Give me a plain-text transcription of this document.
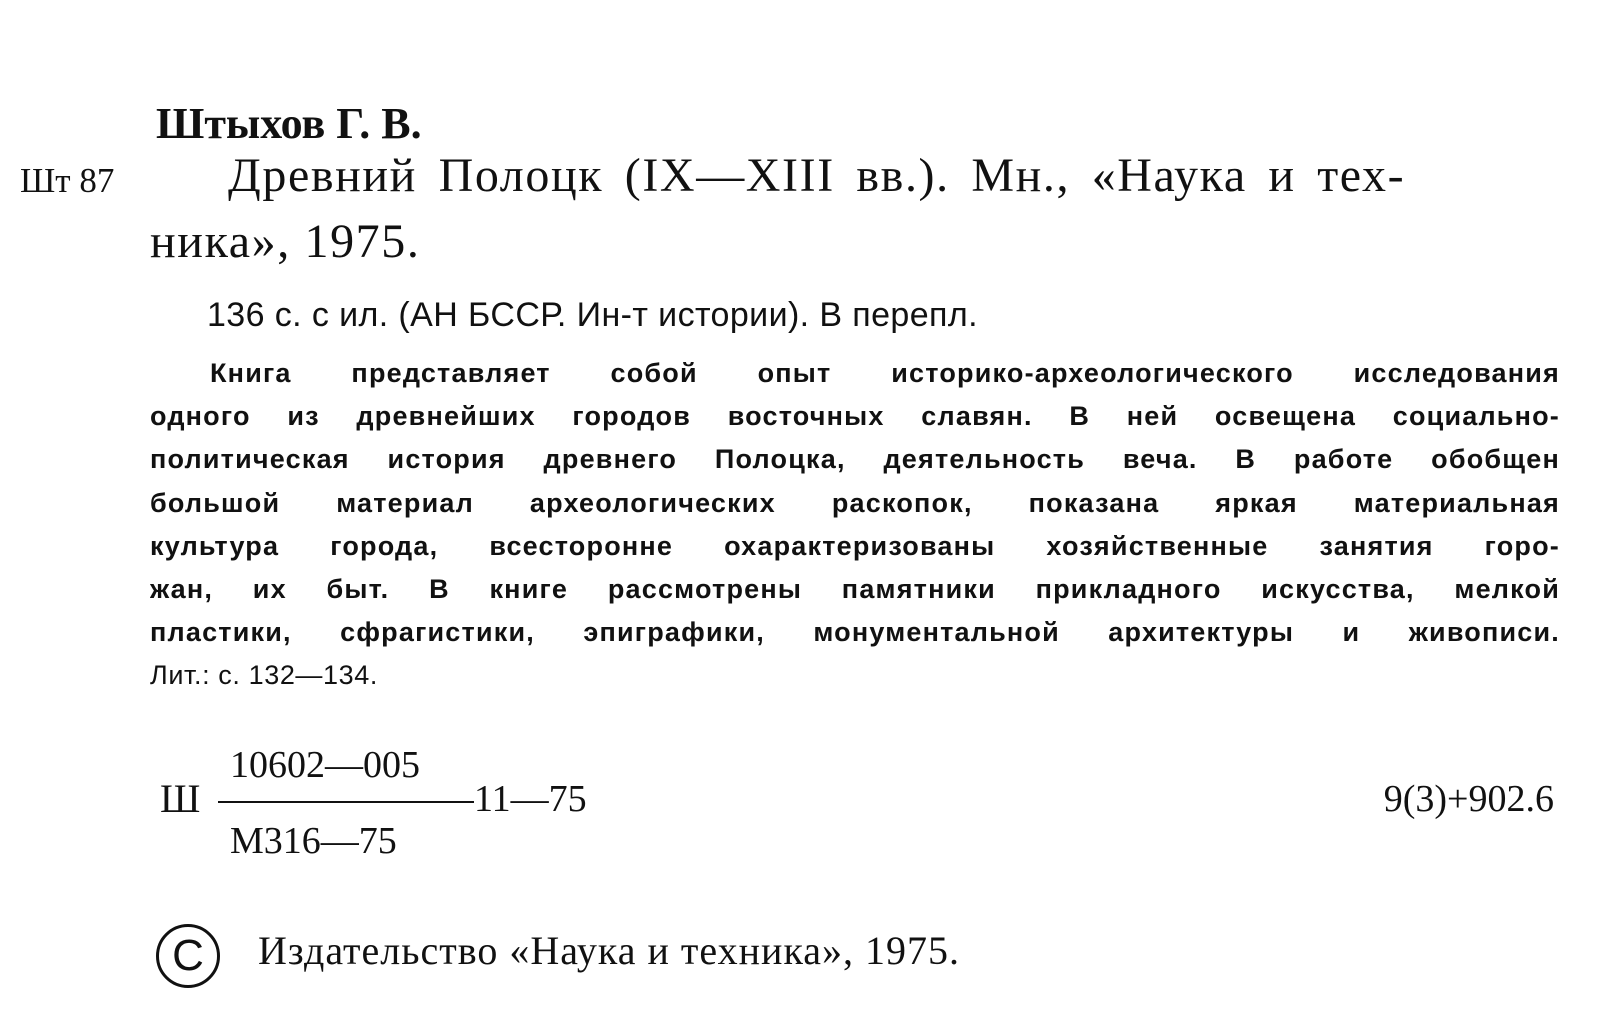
Штыхов Г. В.
Шт 87 Древний Полоцк (IX—XIII вв.). Мн., «Наука и тех-
ника», 1975.
136 с. с ил. (АН БССР. Ин-т истории). В перепл.
Книга представляет собой опыт историко-археологического исследования
одного из древнейших городов восточных славян. В ней освещена социально-
политическая история древнего Полоцка, деятельность веча. В работе обобщен
большой материал археологических раскопок, показана яркая материальная
культура города, всесторонне охарактеризованы хозяйственные занятия горо-
жан, их быт. В книге рассмотрены памятники прикладного искусства, мелкой
пластики, сфрагистики, эпиграфики, монументальной архитектуры и живописи.
Лит.: с. 132—134.
Ш
10602—005
11—75
М316—75
9(3)+902.6
С	Издательство «Наука и техника», 1975.
